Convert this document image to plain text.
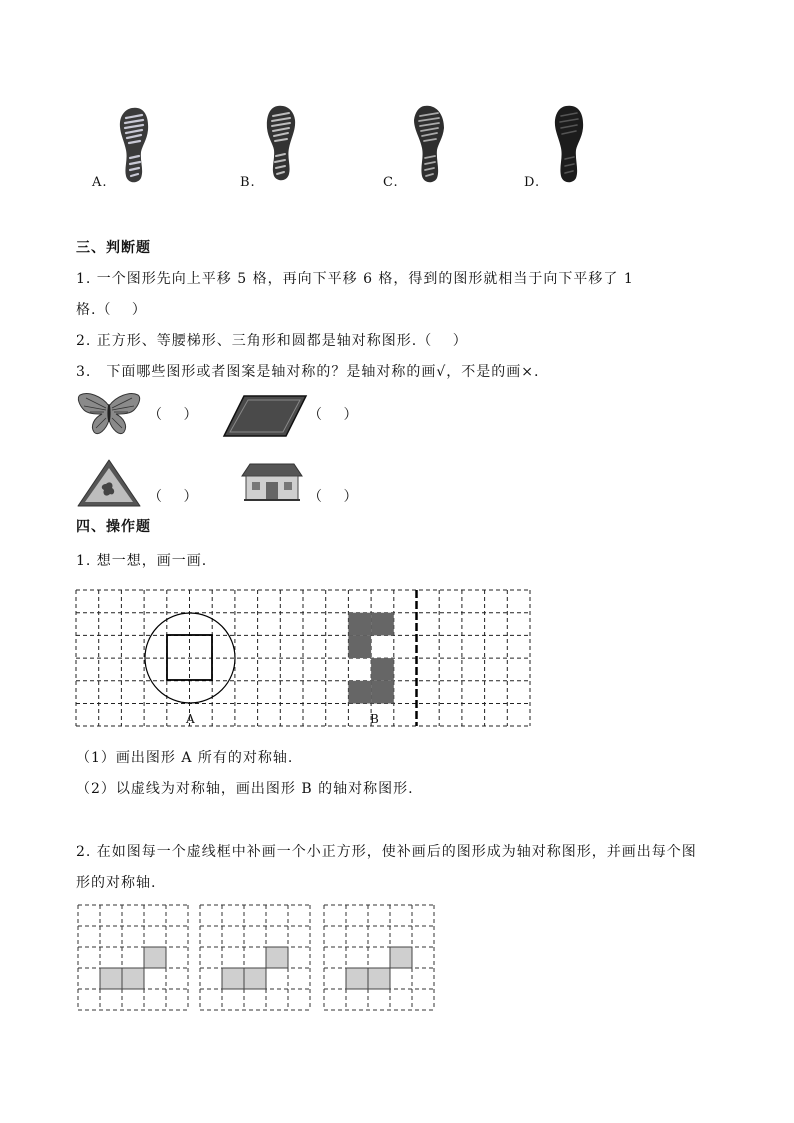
A.	B.	C.	D.
三、判断题
1. 一个图形先向上平移 5 格，再向下平移 6 格，得到的图形就相当于向下平移了 1
格.（　 ）
2. 正方形、等腰梯形、三角形和圆都是轴对称图形.（　 ）
3.　下面哪些图形或者图案是轴对称的？是轴对称的画√，不是的画×.
（　 ）	（　 ）
（　 ）	（　 ）
四、操作题
1. 想一想，画一画.
A	B
（1）画出图形 A 所有的对称轴.
（2）以虚线为对称轴，画出图形 B 的轴对称图形.
2. 在如图每一个虚线框中补画一个小正方形，使补画后的图形成为轴对称图形，并画出每个图
形的对称轴.
